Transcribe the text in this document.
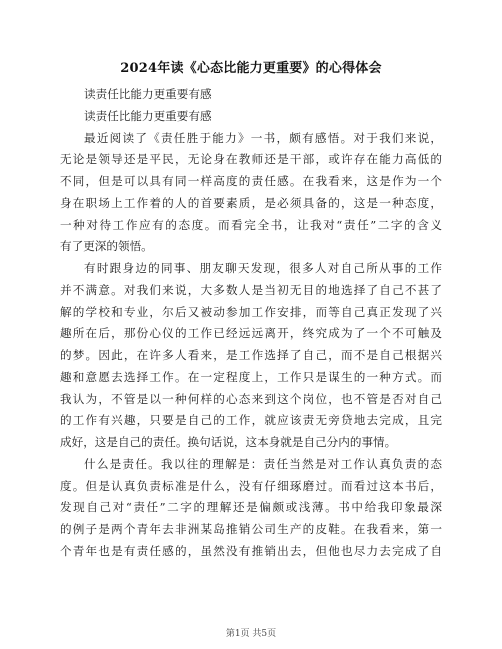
2024年读《心态比能力更重要》的心得体会
读责任比能力更重要有感
读责任比能力更重要有感
最近阅读了《责任胜于能力》一书，颇有感悟。对于我们来说，
无论是领导还是平民，无论身在教师还是干部，或许存在能力高低的
不同，但是可以具有同一样高度的责任感。在我看来，这是作为一个
身在职场上工作着的人的首要素质，是必须具备的，这是一种态度，
一种对待工作应有的态度。而看完全书，让我对“责任”二字的含义
有了更深的领悟。
有时跟身边的同事、朋友聊天发现，很多人对自己所从事的工作
并不满意。对我们来说，大多数人是当初无目的地选择了自己不甚了
解的学校和专业，尔后又被动参加工作安排，而等自己真正发现了兴
趣所在后，那份心仪的工作已经远远离开，终究成为了一个不可触及
的梦。因此，在许多人看来，是工作选择了自己，而不是自己根据兴
趣和意愿去选择工作。在一定程度上，工作只是谋生的一种方式。而
我认为，不管是以一种何样的心态来到这个岗位，也不管是否对自己
的工作有兴趣，只要是自己的工作，就应该责无旁贷地去完成，且完
成好，这是自己的责任。换句话说，这本身就是自己分内的事情。
什么是责任。我以往的理解是：责任当然是对工作认真负责的态
度。但是认真负责标准是什么，没有仔细琢磨过。而看过这本书后，
发现自己对“责任”二字的理解还是偏颇或浅薄。书中给我印象最深
的例子是两个青年去非洲某岛推销公司生产的皮鞋。在我看来，第一
个青年也是有责任感的，虽然没有推销出去，但他也尽力去完成了自
第1页 共5页
